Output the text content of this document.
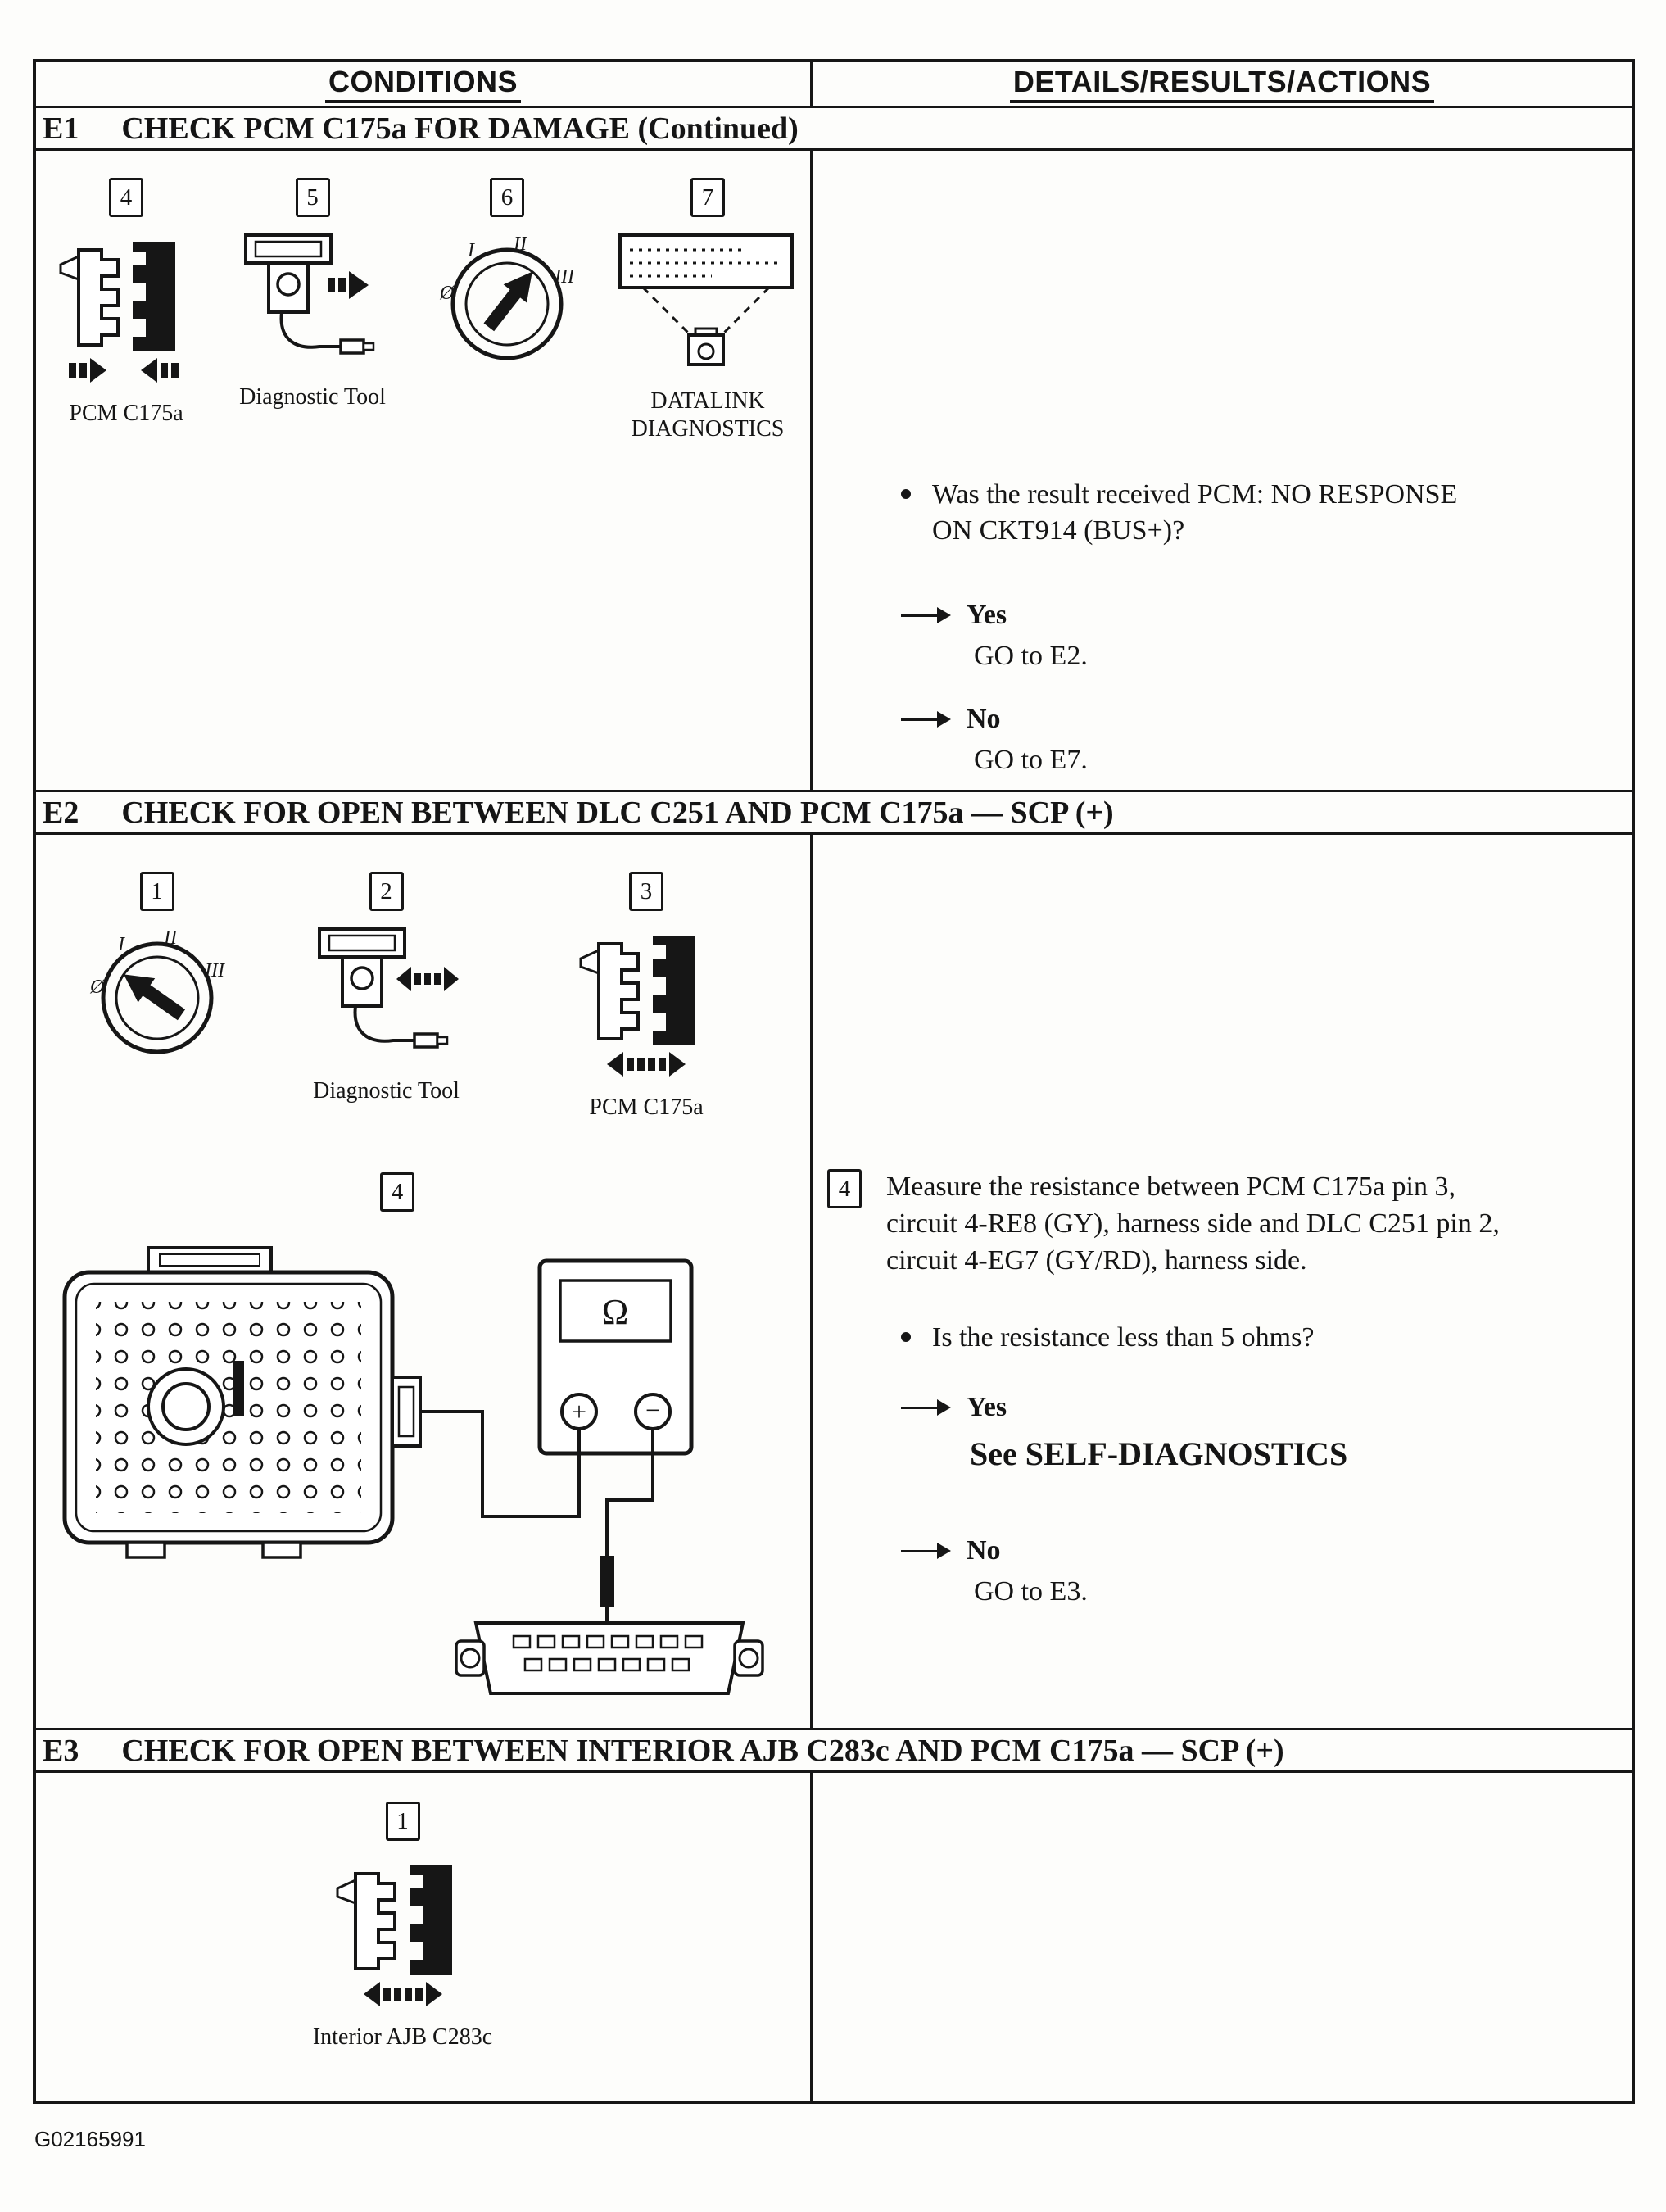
CONDITIONS	DETAILS/RESULTS/ACTIONS
E1 CHECK PCM C175a FOR DAMAGE (Continued)
4
PCM C175a
5
Diagnostic Tool
6
Ø
I II
III
7
DATALINK
DIAGNOSTICS
Was the result received PCM: NO RESPONSE ON CKT914 (BUS+)?
Yes
GO to E2.
No
GO to E7.
E2 CHECK FOR OPEN BETWEEN DLC C251 AND PCM C175a — SCP (+)
1
Ø
I II
III
2
Diagnostic Tool
3
PCM C175a
4
Ω
+ −
4	Measure the resistance between PCM C175a pin 3, circuit 4-RE8 (GY), harness side and DLC C251 pin 2, circuit 4-EG7 (GY/RD), harness side.
Is the resistance less than 5 ohms?
Yes
See SELF-DIAGNOSTICS
No
GO to E3.
E3 CHECK FOR OPEN BETWEEN INTERIOR AJB C283c AND PCM C175a — SCP (+)
1
Interior AJB C283c
G02165991
